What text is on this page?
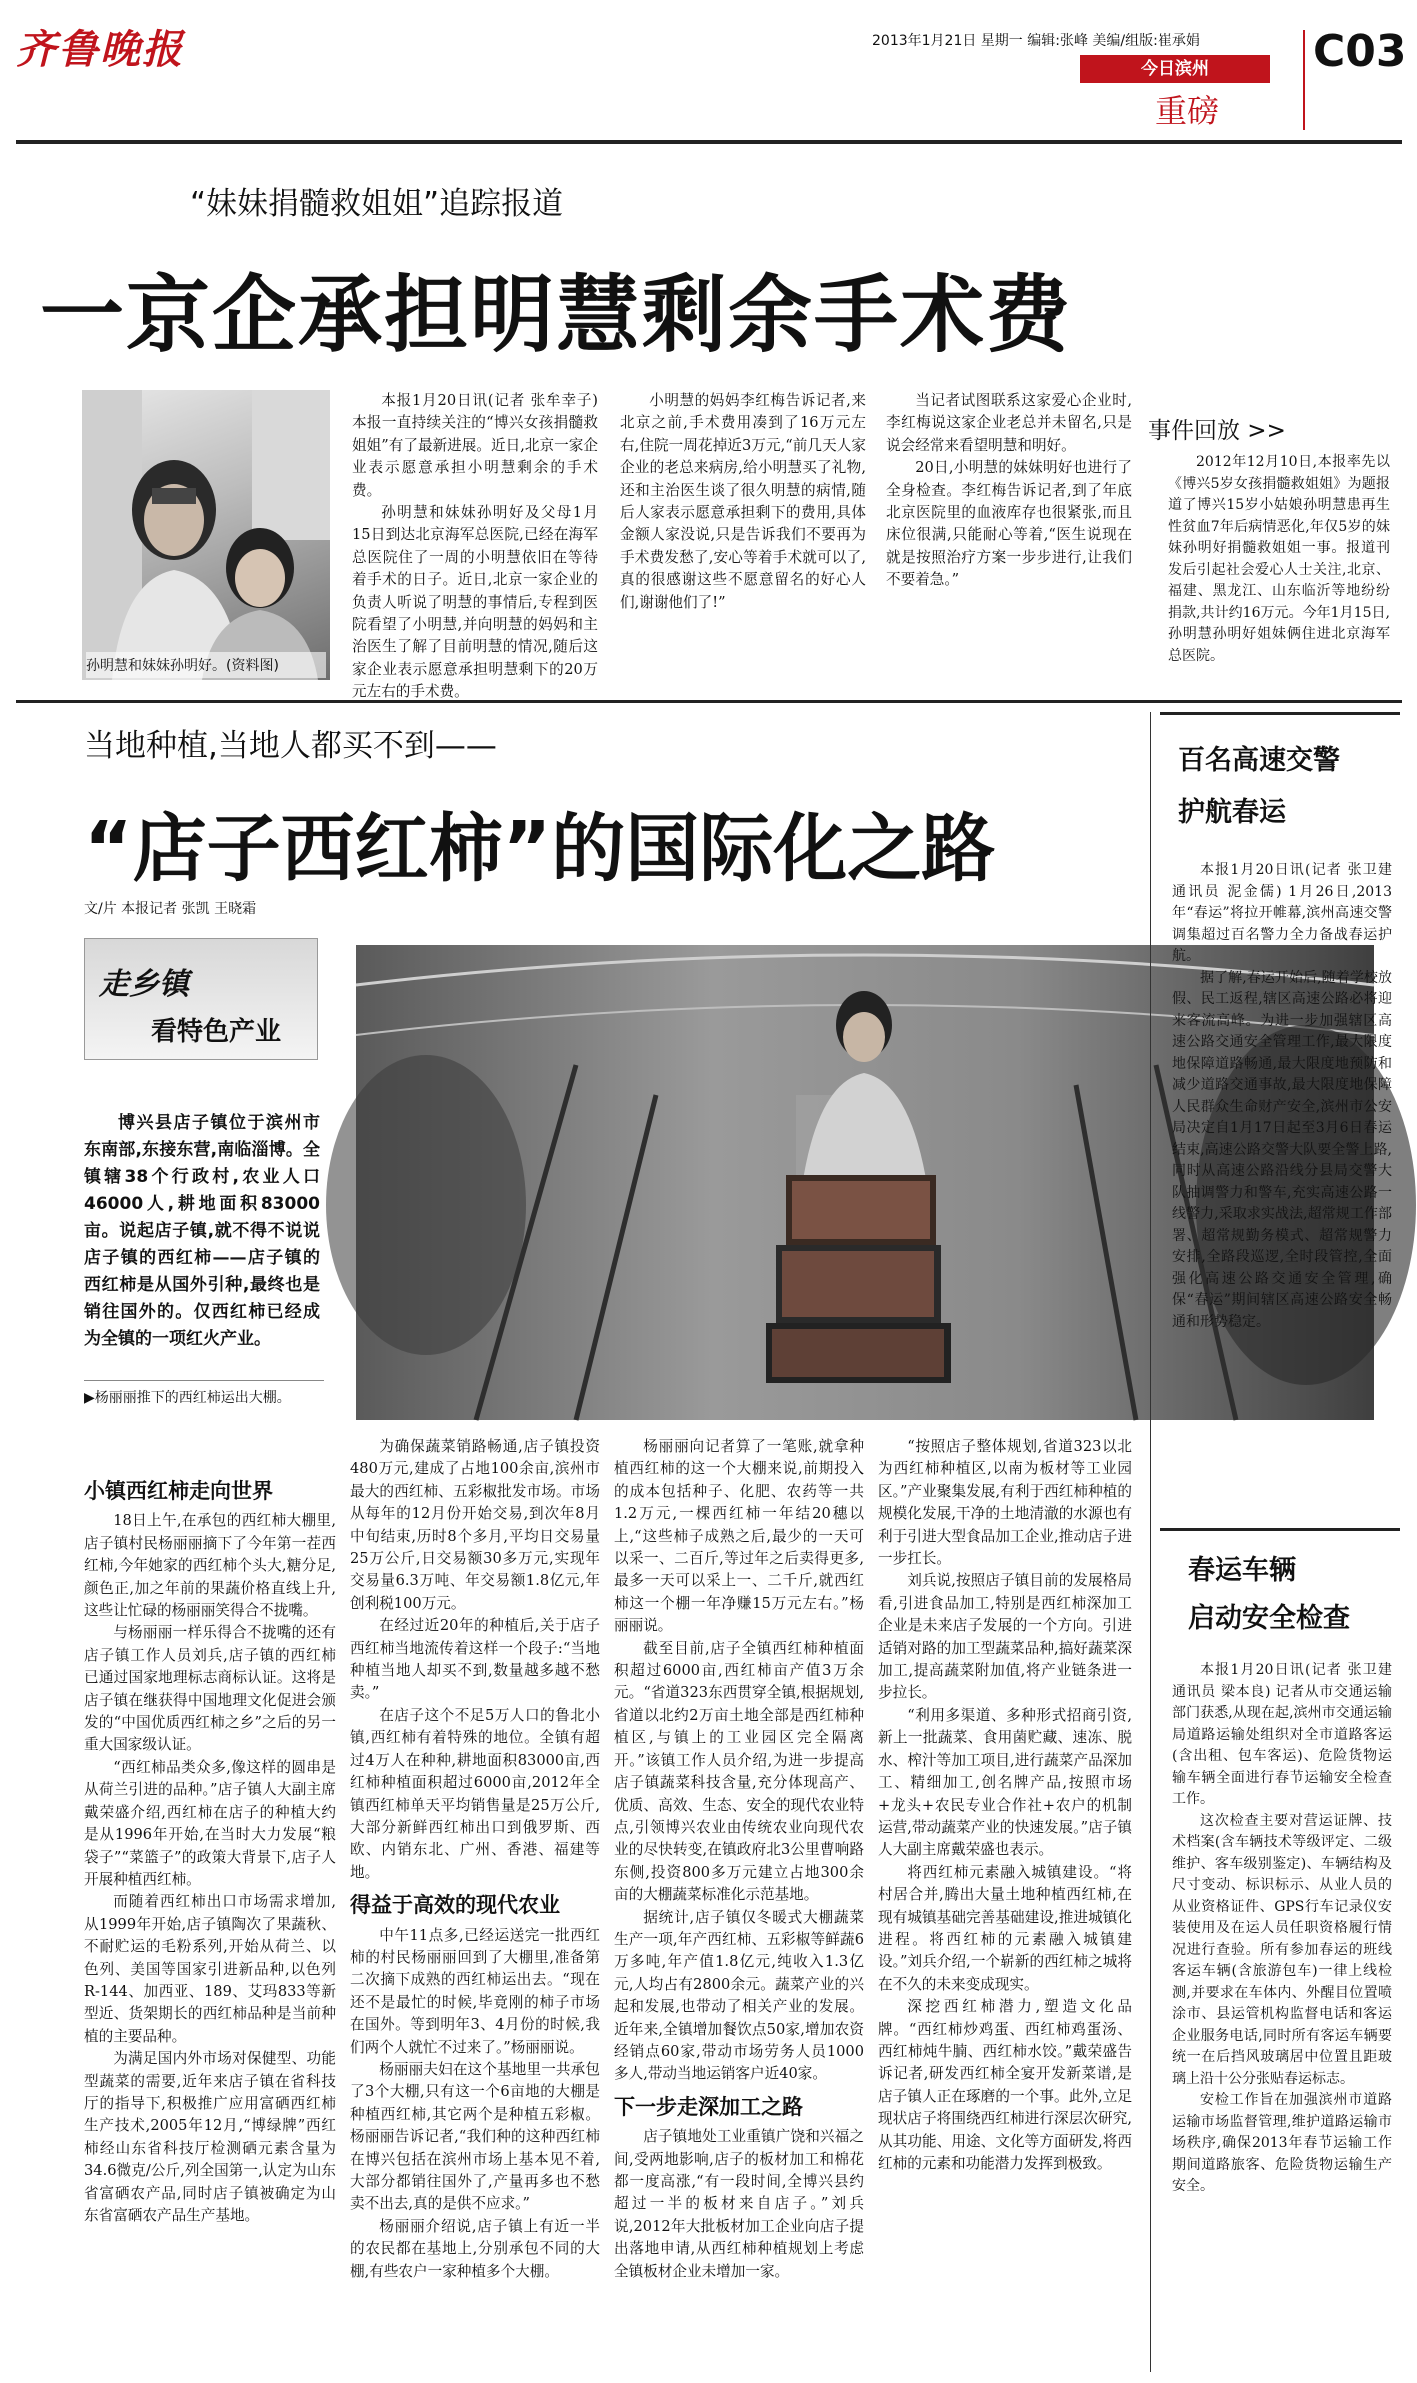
齐鲁晚报	2013年1月21日 星期一 编辑:张峰 美编/组版:崔承娟
今日滨州
重磅
C03
“妹妹捐髓救姐姐”追踪报道
一京企承担明慧剩余手术费
孙明慧和妹妹孙明好。(资料图)

本报1月20日讯(记者 张牟幸子) 本报一直持续关注的“博兴女孩捐髓救姐姐”有了最新进展。近日,北京一家企业表示愿意承担小明慧剩余的手术费。

孙明慧和妹妹孙明好及父母1月15日到达北京海军总医院,已经在海军总医院住了一周的小明慧依旧在等待着手术的日子。近日,北京一家企业的负责人听说了明慧的事情后,专程到医院看望了小明慧,并向明慧的妈妈和主治医生了解了目前明慧的情况,随后这家企业表示愿意承担明慧剩下的20万元左右的手术费。

小明慧的妈妈李红梅告诉记者,来北京之前,手术费用凑到了16万元左右,住院一周花掉近3万元,“前几天人家企业的老总来病房,给小明慧买了礼物,还和主治医生谈了很久明慧的病情,随后人家表示愿意承担剩下的费用,具体金额人家没说,只是告诉我们不要再为手术费发愁了,安心等着手术就可以了,真的很感谢这些不愿意留名的好心人们,谢谢他们了!”

当记者试图联系这家爱心企业时,李红梅说这家企业老总并未留名,只是说会经常来看望明慧和明好。

20日,小明慧的妹妹明好也进行了全身检查。李红梅告诉记者,到了年底北京医院里的血液库存也很紧张,而且床位很满,只能耐心等着,“医生说现在就是按照治疗方案一步步进行,让我们不要着急。”

事件回放 >>

2012年12月10日,本报率先以《博兴5岁女孩捐髓救姐姐》为题报道了博兴15岁小姑娘孙明慧患再生性贫血7年后病情恶化,年仅5岁的妹妹孙明好捐髓救姐姐一事。报道刊发后引起社会爱心人士关注,北京、福建、黑龙江、山东临沂等地纷纷捐款,共计约16万元。今年1月15日,孙明慧孙明好姐妹俩住进北京海军总医院。

当地种植,当地人都买不到——
“店子西红柿”的国际化之路
文/片 本报记者 张凯 王晓霜
走乡镇
看特色产业

博兴县店子镇位于滨州市东南部,东接东营,南临淄博。全镇辖38个行政村,农业人口46000人,耕地面积83000亩。说起店子镇,就不得不说说店子镇的西红柿——店子镇的西红柿是从国外引种,最终也是销往国外的。仅西红柿已经成为全镇的一项红火产业。

▶杨丽丽推下的西红柿运出大棚。
小镇西红柿走向世界

18日上午,在承包的西红柿大棚里,店子镇村民杨丽丽摘下了今年第一茬西红柿,今年她家的西红柿个头大,糖分足,颜色正,加之年前的果蔬价格直线上升,这些让忙碌的杨丽丽笑得合不拢嘴。

与杨丽丽一样乐得合不拢嘴的还有店子镇工作人员刘兵,店子镇的西红柿已通过国家地理标志商标认证。这将是店子镇在继获得中国地理文化促进会颁发的“中国优质西红柿之乡”之后的另一重大国家级认证。

“西红柿品类众多,像这样的圆串是从荷兰引进的品种。”店子镇人大副主席戴荣盛介绍,西红柿在店子的种植大约是从1996年开始,在当时大力发展“粮袋子”“菜篮子”的政策大背景下,店子人开展种植西红柿。

而随着西红柿出口市场需求增加,从1999年开始,店子镇陶次了果蔬秋、不耐贮运的毛粉系列,开始从荷兰、以色列、美国等国家引进新品种,以色列R-144、加西亚、189、艾玛833等新型近、货架期长的西红柿品种是当前种植的主要品种。

为满足国内外市场对保健型、功能型蔬菜的需要,近年来店子镇在省科技厅的指导下,积极推广应用富硒西红柿生产技术,2005年12月,“博绿牌”西红柿经山东省科技厅检测硒元素含量为34.6微克/公斤,列全国第一,认定为山东省富硒农产品,同时店子镇被确定为山东省富硒农产品生产基地。

为确保蔬菜销路畅通,店子镇投资480万元,建成了占地100余亩,滨州市最大的西红柿、五彩椒批发市场。市场从每年的12月份开始交易,到次年8月中旬结束,历时8个多月,平均日交易量 25万公斤,日交易额30多万元,实现年交易量6.3万吨、年交易额1.8亿元,年创利税100万元。

在经过近20年的种植后,关于店子西红柿当地流传着这样一个段子:“当地种植当地人却买不到,数量越多越不愁卖。”

在店子这个不足5万人口的鲁北小镇,西红柿有着特殊的地位。全镇有超过4万人在种种,耕地面积83000亩,西红柿种植面积超过6000亩,2012年全镇西红柿单天平均销售量是25万公斤,大部分新鲜西红柿出口到俄罗斯、西欧、内销东北、广州、香港、福建等地。

得益于高效的现代农业

中午11点多,已经运送完一批西红柿的村民杨丽丽回到了大棚里,准备第二次摘下成熟的西红柿运出去。“现在还不是最忙的时候,毕竟刚的柿子市场在国外。等到明年3、4月份的时候,我们两个人就忙不过来了。”杨丽丽说。

杨丽丽夫妇在这个基地里一共承包了3个大棚,只有这一个6亩地的大棚是种植西红柿,其它两个是种植五彩椒。杨丽丽告诉记者,“我们种的这种西红柿在博兴包括在滨州市场上基本见不着,大部分都销往国外了,产量再多也不愁卖不出去,真的是供不应求。”

杨丽丽介绍说,店子镇上有近一半的农民都在基地上,分别承包不同的大棚,有些农户一家种植多个大棚。

杨丽丽向记者算了一笔账,就拿种植西红柿的这一个大棚来说,前期投入的成本包括种子、化肥、农药等一共1.2万元,一棵西红柿一年结20穗以上,“这些柿子成熟之后,最少的一天可以采一、二百斤,等过年之后卖得更多,最多一天可以采上一、二千斤,就西红柿这一个棚一年净赚15万元左右。”杨丽丽说。

截至目前,店子全镇西红柿种植面积超过6000亩,西红柿亩产值3万余元。“省道323东西贯穿全镇,根据规划,省道以北约2万亩土地全部是西红柿种植区,与镇上的工业园区完全隔离开。”该镇工作人员介绍,为进一步提高店子镇蔬菜科技含量,充分体现高产、优质、高效、生态、安全的现代农业特点,引领博兴农业由传统农业向现代农业的尽快转变,在镇政府北3公里曹响路东侧,投资800多万元建立占地300余亩的大棚蔬菜标准化示范基地。

据统计,店子镇仅冬暖式大棚蔬菜生产一项,年产西红柿、五彩椒等鲜蔬6万多吨,年产值1.8亿元,纯收入1.3亿元,人均占有2800余元。蔬菜产业的兴起和发展,也带动了相关产业的发展。近年来,全镇增加餐饮点50家,增加农资经销点60家,带动市场劳务人员1000多人,带动当地运销客户近40家。

下一步走深加工之路

店子镇地处工业重镇广饶和兴福之间,受两地影响,店子的板材加工和棉花都一度高涨,“有一段时间,全博兴县约超过一半的板材来自店子。”刘兵说,2012年大批板材加工企业向店子提出落地申请,从西红柿种植规划上考虑全镇板材企业未增加一家。

“按照店子整体规划,省道323以北为西红柿种植区,以南为板材等工业园区。”产业聚集发展,有利于西红柿种植的规模化发展,干净的土地清澈的水源也有利于引进大型食品加工企业,推动店子进一步扛长。

刘兵说,按照店子镇目前的发展格局看,引进食品加工,特别是西红柿深加工企业是未来店子发展的一个方向。引进适销对路的加工型蔬菜品种,搞好蔬菜深加工,提高蔬菜附加值,将产业链条进一步拉长。

“利用多渠道、多种形式招商引资,新上一批蔬菜、食用菌贮藏、速冻、脱水、榨汁等加工项目,进行蔬菜产品深加工、精细加工,创名牌产品,按照市场+龙头+农民专业合作社+农户的机制运营,带动蔬菜产业的快速发展。”店子镇人大副主席戴荣盛也表示。

将西红柿元素融入城镇建设。“将村居合并,腾出大量土地种植西红柿,在现有城镇基础完善基础建设,推进城镇化进程。将西红柿的元素融入城镇建设。”刘兵介绍,一个崭新的西红柿之城将在不久的未来变成现实。

深挖西红柿潜力,塑造文化品牌。“西红柿炒鸡蛋、西红柿鸡蛋汤、西红柿炖牛腩、西红柿水饺。”戴荣盛告诉记者,研发西红柿全宴开发新菜谱,是店子镇人正在琢磨的一个事。此外,立足现状店子将围绕西红柿进行深层次研究,从其功能、用途、文化等方面研发,将西红柿的元素和功能潜力发挥到极致。

百名高速交警
护航春运

本报1月20日讯(记者 张卫建 通讯员 泥金儒) 1月26日,2013年“春运”将拉开帷幕,滨州高速交警调集超过百名警力全力备战春运护航。

据了解,春运开始后,随着学校放假、民工返程,辖区高速公路必将迎来客流高峰。为进一步加强辖区高速公路交通安全管理工作,最大限度地保障道路畅通,最大限度地预防和减少道路交通事故,最大限度地保障人民群众生命财产安全,滨州市公安局决定自1月17日起至3月6日春运结束,高速公路交警大队要全警上路,同时从高速公路沿线分县局交警大队抽调警力和警车,充实高速公路一线警力,采取求实战法,超常规工作部署、超常规勤务模式、超常规警力安排,全路段巡逻,全时段管控,全面强化高速公路交通安全管理,确保“春运”期间辖区高速公路安全畅通和形势稳定。

春运车辆
启动安全检查

本报1月20日讯(记者 张卫建 通讯员 梁本良) 记者从市交通运输部门获悉,从现在起,滨州市交通运输局道路运输处组织对全市道路客运(含出租、包车客运)、危险货物运输车辆全面进行春节运输安全检查工作。

这次检查主要对营运证牌、技术档案(含车辆技术等级评定、二级维护、客车级别鉴定)、车辆结构及尺寸变动、标识标示、从业人员的从业资格证件、GPS行车记录仪安装使用及在运人员任职资格履行情况进行查验。所有参加春运的班线客运车辆(含旅游包车)一律上线检测,并要求在车体内、外醒目位置喷涂市、县运管机构监督电话和客运企业服务电话,同时所有客运车辆要统一在后挡风玻璃居中位置且距玻璃上沿十公分张贴春运标志。

安检工作旨在加强滨州市道路运输市场监督管理,维护道路运输市场秩序,确保2013年春节运输工作期间道路旅客、危险货物运输生产安全。
